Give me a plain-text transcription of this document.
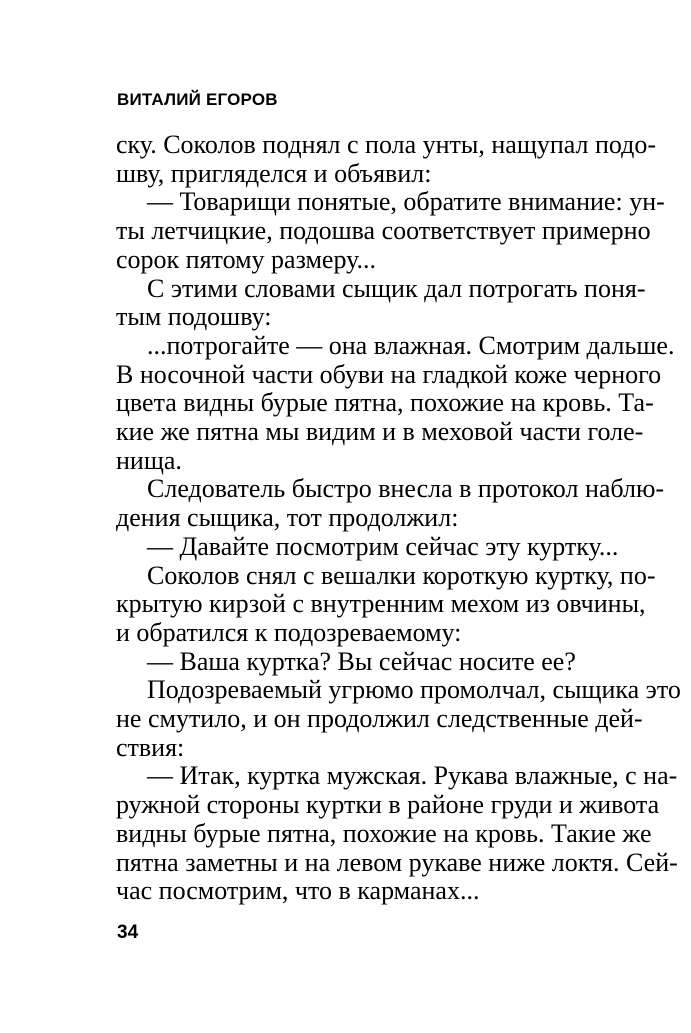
ВИТАЛИЙ ЕГОРОВ

ску. Соколов поднял с пола унты, нащупал подо-
шву, пригляделся и объявил:
— Товарищи понятые, обратите внимание: ун-
ты летчицкие, подошва соответствует примерно
сорок пятому размеру...
С этими словами сыщик дал потрогать поня-
тым подошву:
...потрогайте — она влажная. Смотрим дальше.
В носочной части обуви на гладкой коже черного
цвета видны бурые пятна, похожие на кровь. Та-
кие же пятна мы видим и в меховой части голе-
нища.
Следователь быстро внесла в протокол наблю-
дения сыщика, тот продолжил:
— Давайте посмотрим сейчас эту куртку...
Соколов снял с вешалки короткую куртку, по-
крытую кирзой с внутренним мехом из овчины,
и обратился к подозреваемому:
— Ваша куртка? Вы сейчас носите ее?
Подозреваемый угрюмо промолчал, сыщика это
не смутило, и он продолжил следственные дей-
ствия:
— Итак, куртка мужская. Рукава влажные, с на-
ружной стороны куртки в районе груди и живота
видны бурые пятна, похожие на кровь. Такие же
пятна заметны и на левом рукаве ниже локтя. Сей-
час посмотрим, что в карманах...

34
